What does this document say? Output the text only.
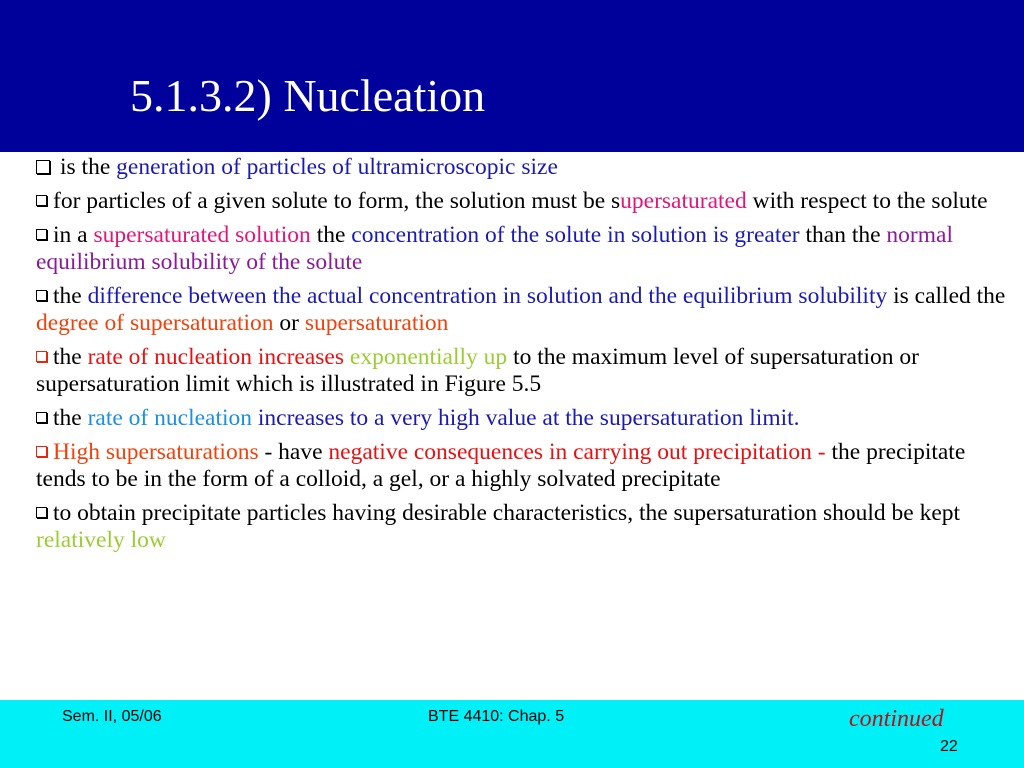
5.1.3.2) Nucleation
is the generation of particles of ultramicroscopic size
for particles of a given solute to form, the solution must be supersaturated with respect to the solute
in a supersaturated solution the concentration of the solute in solution is greater than the normal equilibrium solubility of the solute
the difference between the actual concentration in solution and the equilibrium solubility is called the degree of supersaturation or supersaturation
the rate of nucleation increases exponentially up to the maximum level of supersaturation or supersaturation limit which is illustrated in Figure 5.5
the rate of nucleation increases to a very high value at the supersaturation limit.
High supersaturations - have negative consequences in carrying out precipitation - the precipitate tends to be in the form of a colloid, a gel, or a highly solvated precipitate
to obtain precipitate particles having desirable characteristics, the supersaturation should be kept relatively low
Sem. II, 05/06	BTE 4410: Chap. 5	continued
22
